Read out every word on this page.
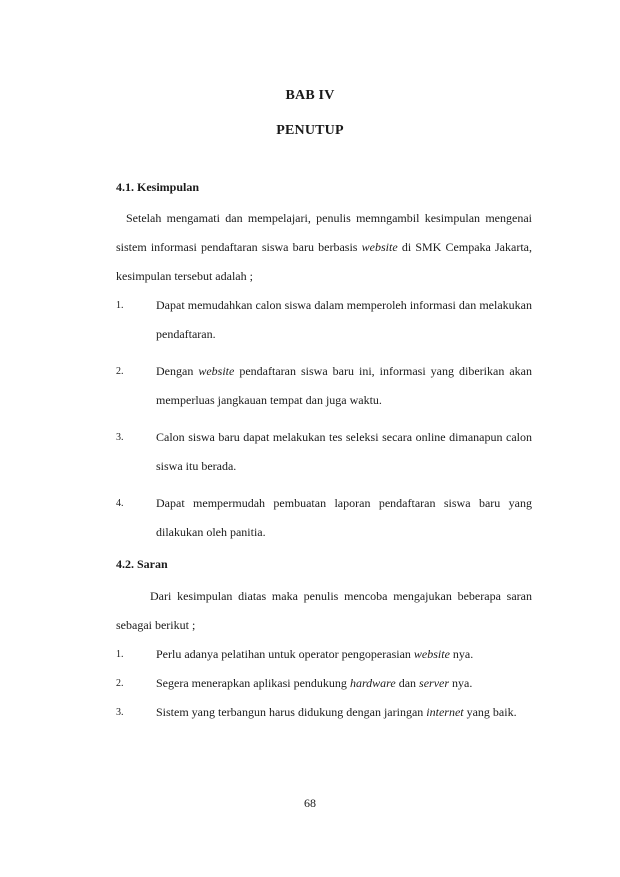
BAB IV
PENUTUP
4.1. Kesimpulan

Setelah mengamati dan mempelajari, penulis memngambil kesimpulan mengenai sistem informasi pendaftaran siswa baru berbasis website di SMK Cempaka Jakarta, kesimpulan tersebut adalah ;

1.	Dapat memudahkan calon siswa dalam memperoleh informasi dan melakukan pendaftaran.
2.	Dengan website pendaftaran siswa baru ini, informasi yang diberikan akan memperluas jangkauan tempat dan juga waktu.
3.	Calon siswa baru dapat melakukan tes seleksi secara online dimanapun calon siswa itu berada.
4.	Dapat mempermudah pembuatan laporan pendaftaran siswa baru yang dilakukan oleh panitia.
4.2. Saran

Dari kesimpulan diatas maka penulis mencoba mengajukan beberapa saran sebagai berikut ;

1.	Perlu adanya pelatihan untuk operator pengoperasian website nya.
2.	Segera menerapkan aplikasi pendukung hardware dan server nya.
3.	Sistem yang terbangun harus didukung dengan jaringan internet yang baik.
68
